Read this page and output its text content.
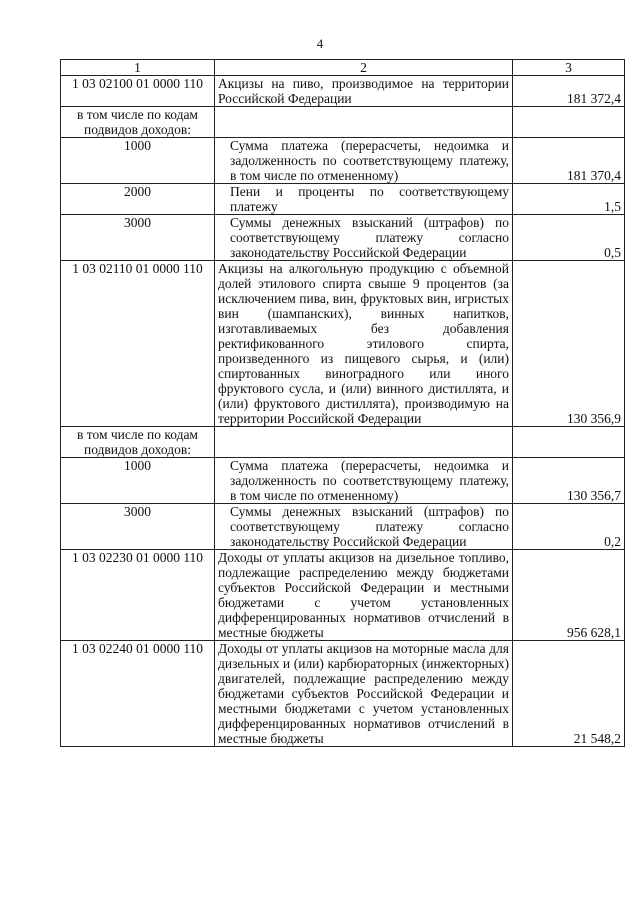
4
1	2	3
1 03 02100 01 0000 110	Акцизы на пиво, производимое на территории Российской Федерации	181 372,4
в том числе по кодам подвидов доходов:		
1000	Сумма платежа (перерасчеты, недоимка и задолженность по соответствующему платежу, в том числе по отмененному)	181 370,4
2000	Пени и проценты по соответствующему платежу	1,5
3000	Суммы денежных взысканий (штрафов) по соответствующему платежу согласно законодательству Российской Федерации	0,5
1 03 02110 01 0000 110	Акцизы на алкогольную продукцию с объемной долей этилового спирта свыше 9 процентов (за исключением пива, вин, фруктовых вин, игристых вин (шампанских), винных напитков, изготавливаемых без добавления ректификованного этилового спирта, произведенного из пищевого сырья, и (или) спиртованных виноградного или иного фруктового сусла, и (или) винного дистиллята, и (или) фруктового дистиллята), производимую на территории Российской Федерации	130 356,9
в том числе по кодам подвидов доходов:		
1000	Сумма платежа (перерасчеты, недоимка и задолженность по соответствующему платежу, в том числе по отмененному)	130 356,7
3000	Суммы денежных взысканий (штрафов) по соответствующему платежу согласно законодательству Российской Федерации	0,2
1 03 02230 01 0000 110	Доходы от уплаты акцизов на дизельное топливо, подлежащие распределению между бюджетами субъектов Российской Федерации и местными бюджетами с учетом установленных дифференцированных нормативов отчислений в местные бюджеты	956 628,1
1 03 02240 01 0000 110	Доходы от уплаты акцизов на моторные масла для дизельных и (или) карбюраторных (инжекторных) двигателей, подлежащие распределению между бюджетами субъектов Российской Федерации и местными бюджетами с учетом установленных дифференцированных нормативов отчислений в местные бюджеты	21 548,2
